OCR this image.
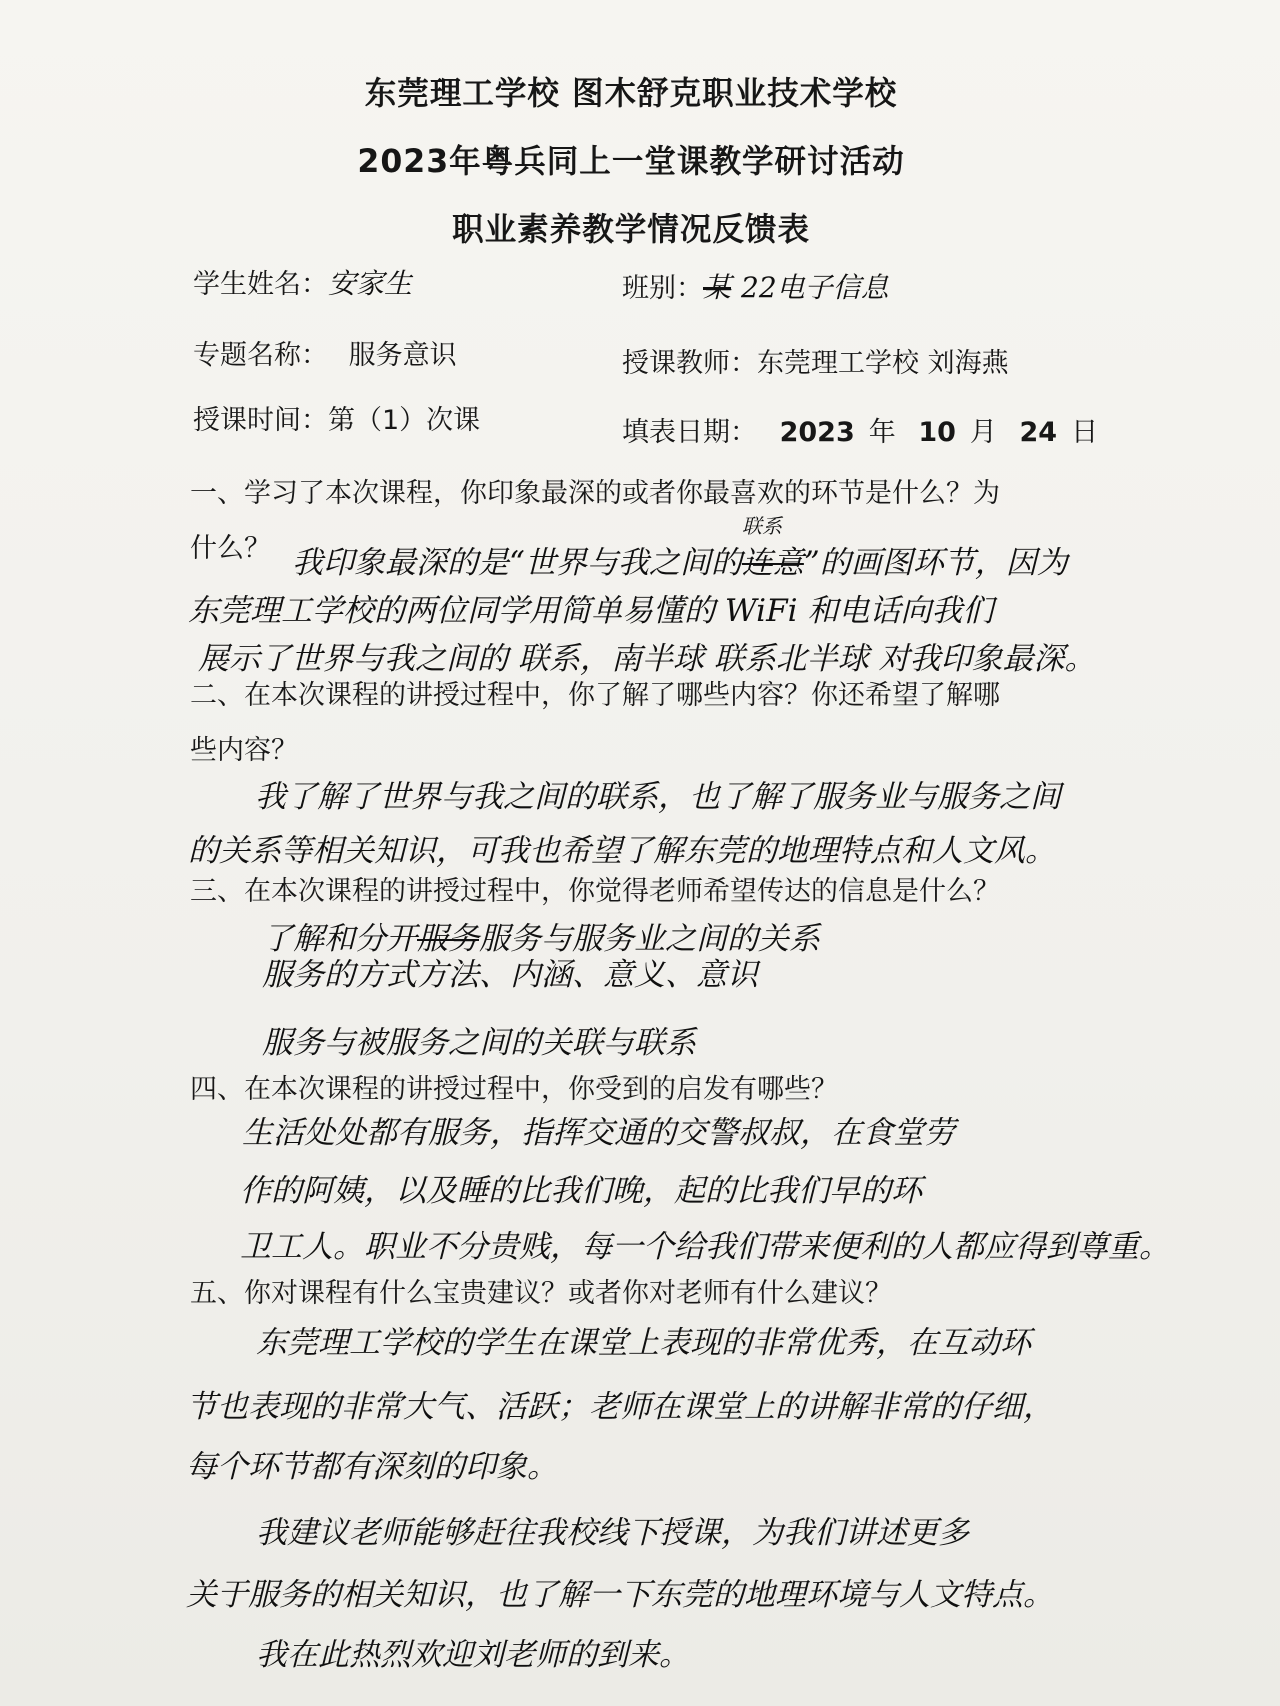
东莞理工学校 图木舒克职业技术学校
2023年粤兵同上一堂课教学研讨活动
职业素养教学情况反馈表
学生姓名：安家生	班别：某 22电子信息
专题名称： 服务意识	授课教师：东莞理工学校 刘海燕
授课时间：第（1）次课	填表日期： 2023 年 10 月 24 日
一、学习了本次课程，你印象最深的或者你最喜欢的环节是什么？为
什么？
联系
我印象最深的是“世界与我之间的连意”的画图环节，因为
东莞理工学校的两位同学用简单易懂的 WiFi 和电话向我们
展示了世界与我之间的 联系，南半球 联系北半球 对我印象最深。
二、在本次课程的讲授过程中，你了解了哪些内容？你还希望了解哪
些内容？
我了解了世界与我之间的联系，也了解了服务业与服务之间
的关系等相关知识，可我也希望了解东莞的地理特点和人文风。
三、在本次课程的讲授过程中，你觉得老师希望传达的信息是什么？
了解和分开服务服务与服务业之间的关系
服务的方式方法、内涵、意义、意识
服务与被服务之间的关联与联系
四、在本次课程的讲授过程中，你受到的启发有哪些？
生活处处都有服务，指挥交通的交警叔叔，在食堂劳
作的阿姨，以及睡的比我们晚，起的比我们早的环
卫工人。职业不分贵贱，每一个给我们带来便利的人都应得到尊重。
五、你对课程有什么宝贵建议？或者你对老师有什么建议？
东莞理工学校的学生在课堂上表现的非常优秀，在互动环
节也表现的非常大气、活跃；老师在课堂上的讲解非常的仔细，
每个环节都有深刻的印象。
我建议老师能够赶往我校线下授课，为我们讲述更多
关于服务的相关知识，也了解一下东莞的地理环境与人文特点。
我在此热烈欢迎刘老师的到来。
